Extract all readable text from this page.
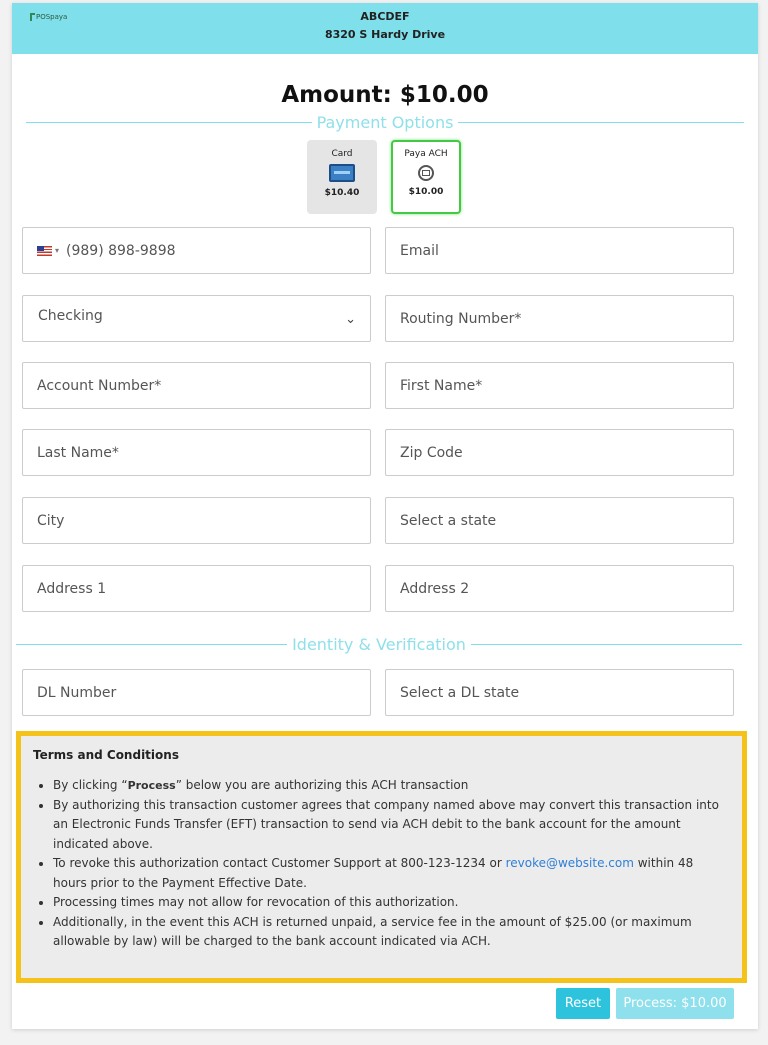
POSpaya	ABCDEF
8320 S Hardy Drive
Amount: $10.00
Payment Options
Card
$10.40
Paya ACH
$10.00
▾ (989) 898-9898	Email
Checking	⌄	Routing Number*
Account Number*	First Name*
Last Name*	Zip Code
City	Select a state
Address 1	Address 2
Identity & Verification
DL Number	Select a DL state
Terms and Conditions
• By clicking “Process” below you are authorizing this ACH transaction
• By authorizing this transaction customer agrees that company named above may convert this transaction into an Electronic Funds Transfer (EFT) transaction to send via ACH debit to the bank account for the amount indicated above.
• To revoke this authorization contact Customer Support at 800-123-1234 or revoke@website.com within 48 hours prior to the Payment Effective Date.
• Processing times may not allow for revocation of this authorization.
• Additionally, in the event this ACH is returned unpaid, a service fee in the amount of $25.00 (or maximum allowable by law) will be charged to the bank account indicated via ACH.
Reset	Process: $10.00
